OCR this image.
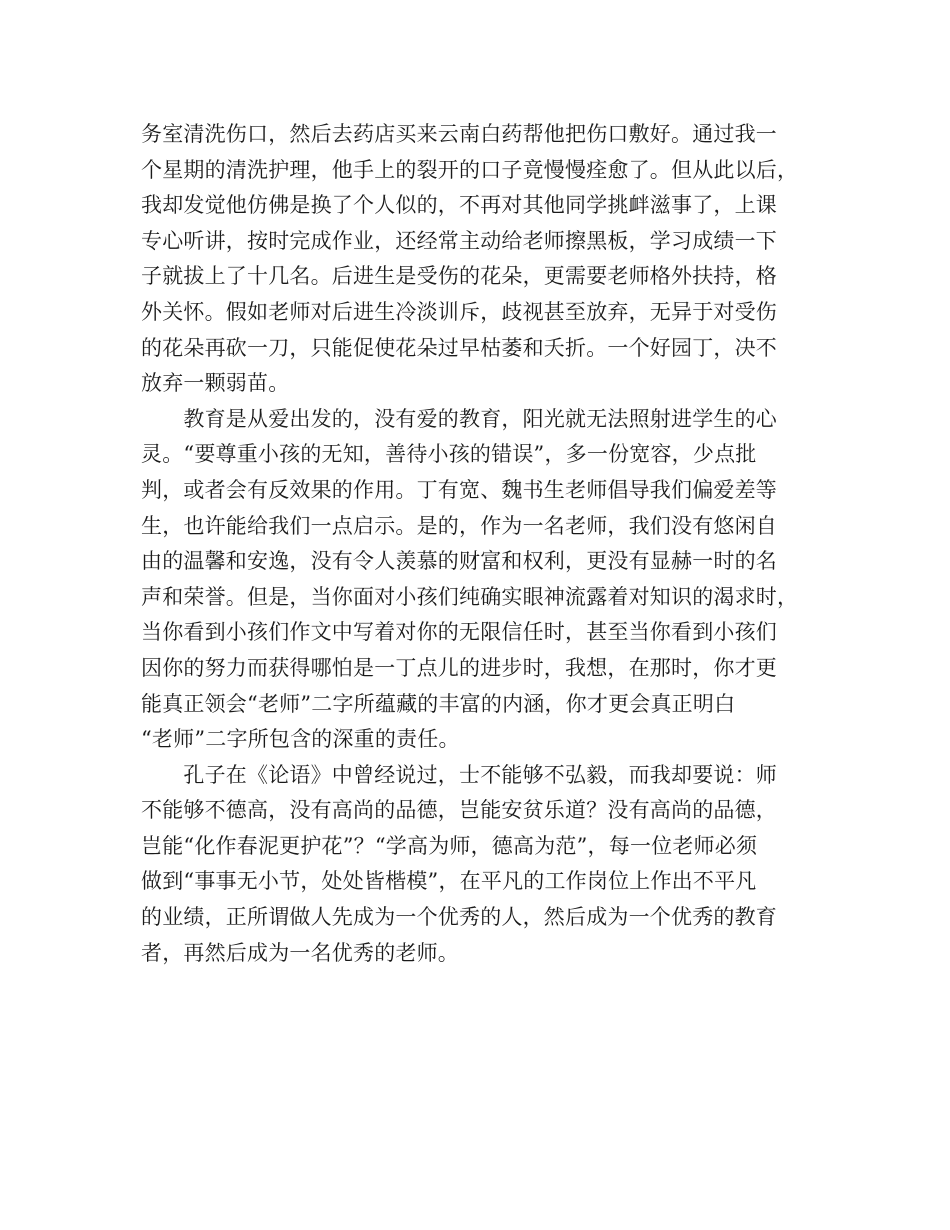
务室清洗伤口，然后去药店买来云南白药帮他把伤口敷好。通过我一
个星期的清洗护理，他手上的裂开的口子竟慢慢痊愈了。但从此以后，
我却发觉他仿佛是换了个人似的，不再对其他同学挑衅滋事了，上课
专心听讲，按时完成作业，还经常主动给老师擦黑板，学习成绩一下
子就拔上了十几名。后进生是受伤的花朵，更需要老师格外扶持，格
外关怀。假如老师对后进生冷淡训斥，歧视甚至放弃，无异于对受伤
的花朵再砍一刀，只能促使花朵过早枯萎和夭折。一个好园丁，决不
放弃一颗弱苗。
　　教育是从爱出发的，没有爱的教育，阳光就无法照射进学生的心
灵。“要尊重小孩的无知，善待小孩的错误”，多一份宽容，少点批
判，或者会有反效果的作用。丁有宽、魏书生老师倡导我们偏爱差等
生，也许能给我们一点启示。是的，作为一名老师，我们没有悠闲自
由的温馨和安逸，没有令人羡慕的财富和权利，更没有显赫一时的名
声和荣誉。但是，当你面对小孩们纯确实眼神流露着对知识的渴求时，
当你看到小孩们作文中写着对你的无限信任时，甚至当你看到小孩们
因你的努力而获得哪怕是一丁点儿的进步时，我想，在那时，你才更
能真正领会“老师”二字所蕴藏的丰富的内涵，你才更会真正明白
“老师”二字所包含的深重的责任。
　　孔子在《论语》中曾经说过，士不能够不弘毅，而我却要说：师
不能够不德高，没有高尚的品德，岂能安贫乐道？没有高尚的品德，
岂能“化作春泥更护花”？“学高为师，德高为范”，每一位老师必须
做到“事事无小节，处处皆楷模”，在平凡的工作岗位上作出不平凡
的业绩，正所谓做人先成为一个优秀的人，然后成为一个优秀的教育
者，再然后成为一名优秀的老师。
